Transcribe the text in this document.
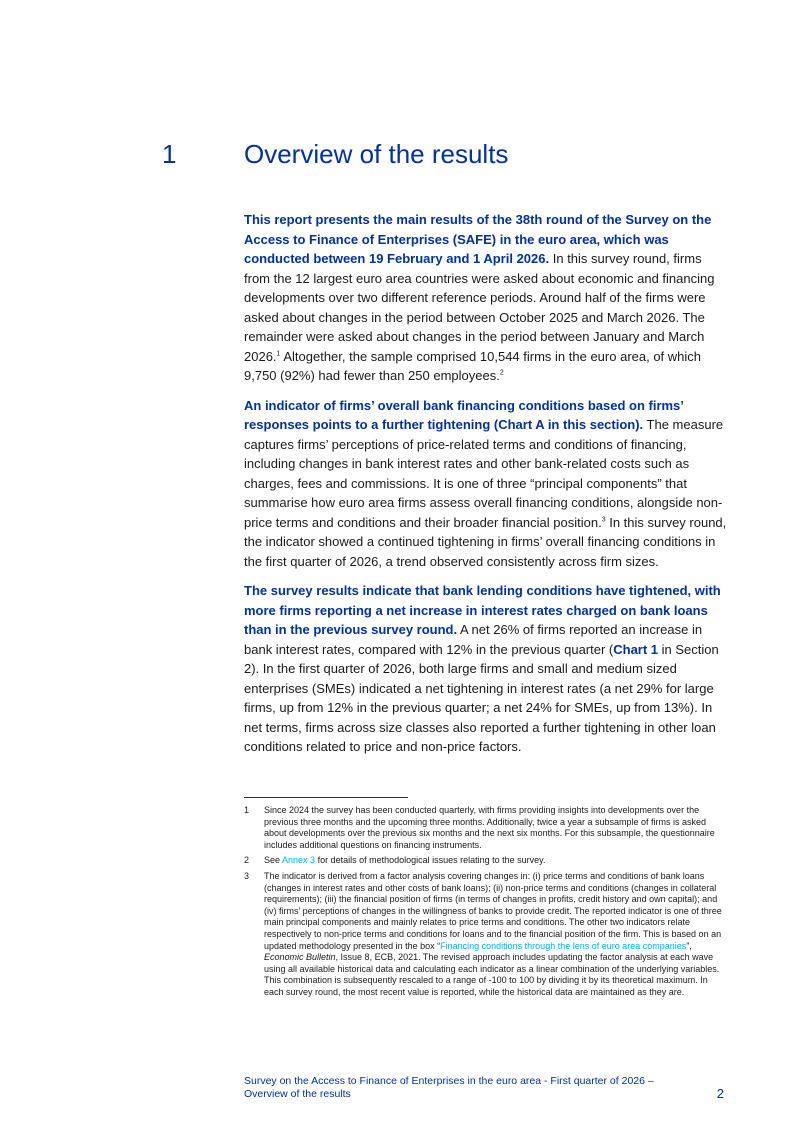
1	Overview of the results

This report presents the main results of the 38th round of the Survey on the Access to Finance of Enterprises (SAFE) in the euro area, which was conducted between 19 February and 1 April 2026. In this survey round, firms from the 12 largest euro area countries were asked about economic and financing developments over two different reference periods. Around half of the firms were asked about changes in the period between October 2025 and March 2026. The remainder were asked about changes in the period between January and March 2026.$^1$ Altogether, the sample comprised 10,544 firms in the euro area, of which 9,750 (92%) had fewer than 250 employees.$^2$

An indicator of firms’ overall bank financing conditions based on firms’ responses points to a further tightening (Chart A in this section). The measure captures firms’ perceptions of price-related terms and conditions of financing, including changes in bank interest rates and other bank-related costs such as charges, fees and commissions. It is one of three “principal components” that summarise how euro area firms assess overall financing conditions, alongside non-price terms and conditions and their broader financial position.$^3$ In this survey round, the indicator showed a continued tightening in firms’ overall financing conditions in the first quarter of 2026, a trend observed consistently across firm sizes.

The survey results indicate that bank lending conditions have tightened, with more firms reporting a net increase in interest rates charged on bank loans than in the previous survey round. A net 26% of firms reported an increase in bank interest rates, compared with 12% in the previous quarter (Chart 1 in Section 2). In the first quarter of 2026, both large firms and small and medium sized enterprises (SMEs) indicated a net tightening in interest rates (a net 29% for large firms, up from 12% in the previous quarter; a net 24% for SMEs, up from 13%). In net terms, firms across size classes also reported a further tightening in other loan conditions related to price and non-price factors.

1 Since 2024 the survey has been conducted quarterly, with firms providing insights into developments over the previous three months and the upcoming three months. Additionally, twice a year a subsample of firms is asked about developments over the previous six months and the next six months. For this subsample, the questionnaire includes additional questions on financing instruments.
2 See Annex 3 for details of methodological issues relating to the survey.
3 The indicator is derived from a factor analysis covering changes in: (i) price terms and conditions of bank loans (changes in interest rates and other costs of bank loans); (ii) non-price terms and conditions (changes in collateral requirements); (iii) the financial position of firms (in terms of changes in profits, credit history and own capital); and (iv) firms’ perceptions of changes in the willingness of banks to provide credit. The reported indicator is one of three main principal components and mainly relates to price terms and conditions. The other two indicators relate respectively to non-price terms and conditions for loans and to the financial position of the firm. This is based on an updated methodology presented in the box “Financing conditions through the lens of euro area companies”, Economic Bulletin, Issue 8, ECB, 2021. The revised approach includes updating the factor analysis at each wave using all available historical data and calculating each indicator as a linear combination of the underlying variables. This combination is subsequently rescaled to a range of -100 to 100 by dividing it by its theoretical maximum. In each survey round, the most recent value is reported, while the historical data are maintained as they are.
Survey on the Access to Finance of Enterprises in the euro area - First quarter of 2026 –
Overview of the results	2
